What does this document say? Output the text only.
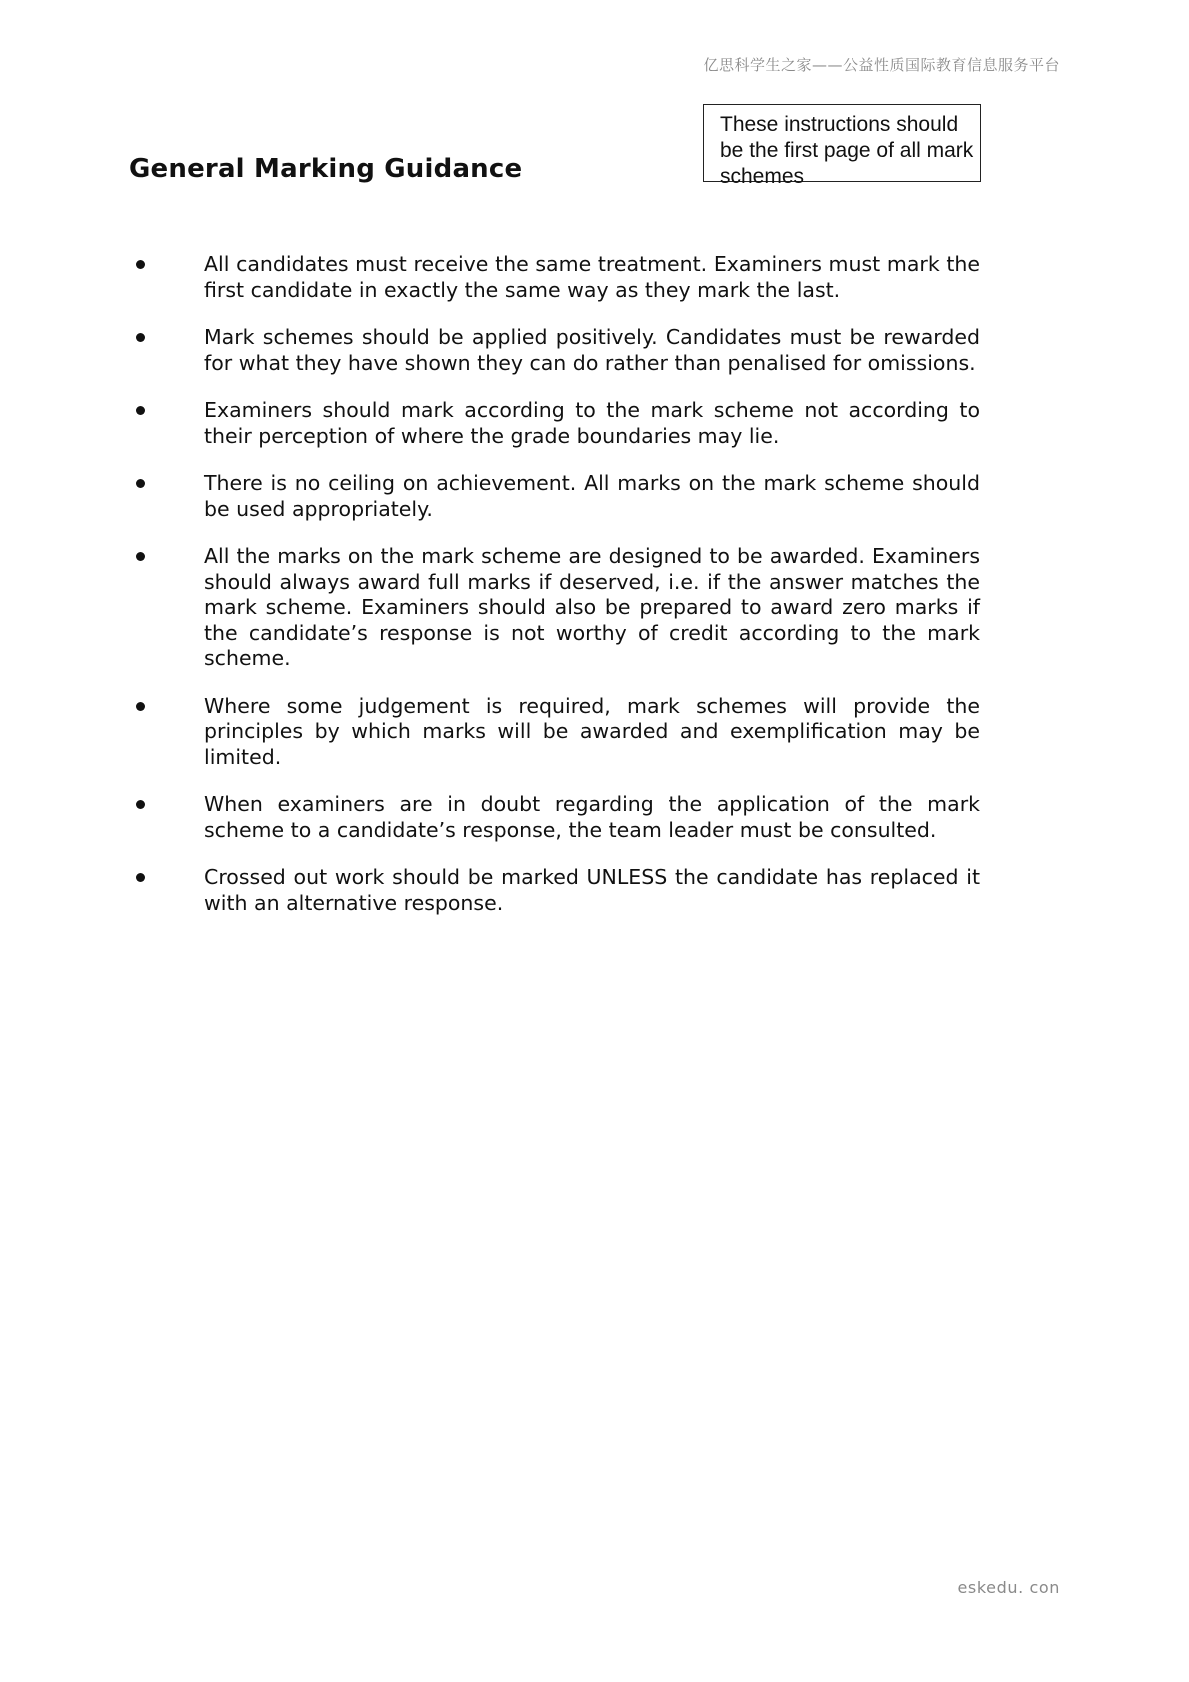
亿思科学生之家——公益性质国际教育信息服务平台
General Marking Guidance
These instructions should be the first page of all mark schemes
All candidates must receive the same treatment. Examiners must mark the first candidate in exactly the same way as they mark the last.
Mark schemes should be applied positively. Candidates must be rewarded for what they have shown they can do rather than penalised for omissions.
Examiners should mark according to the mark scheme not according to their perception of where the grade boundaries may lie.
There is no ceiling on achievement. All marks on the mark scheme should be used appropriately.
All the marks on the mark scheme are designed to be awarded. Examiners should always award full marks if deserved, i.e. if the answer matches the mark scheme. Examiners should also be prepared to award zero marks if the candidate’s response is not worthy of credit according to the mark scheme.
Where some judgement is required, mark schemes will provide the principles by which marks will be awarded and exemplification may be limited.
When examiners are in doubt regarding the application of the mark scheme to a candidate’s response, the team leader must be consulted.
Crossed out work should be marked UNLESS the candidate has replaced it with an alternative response.
eskedu. con
